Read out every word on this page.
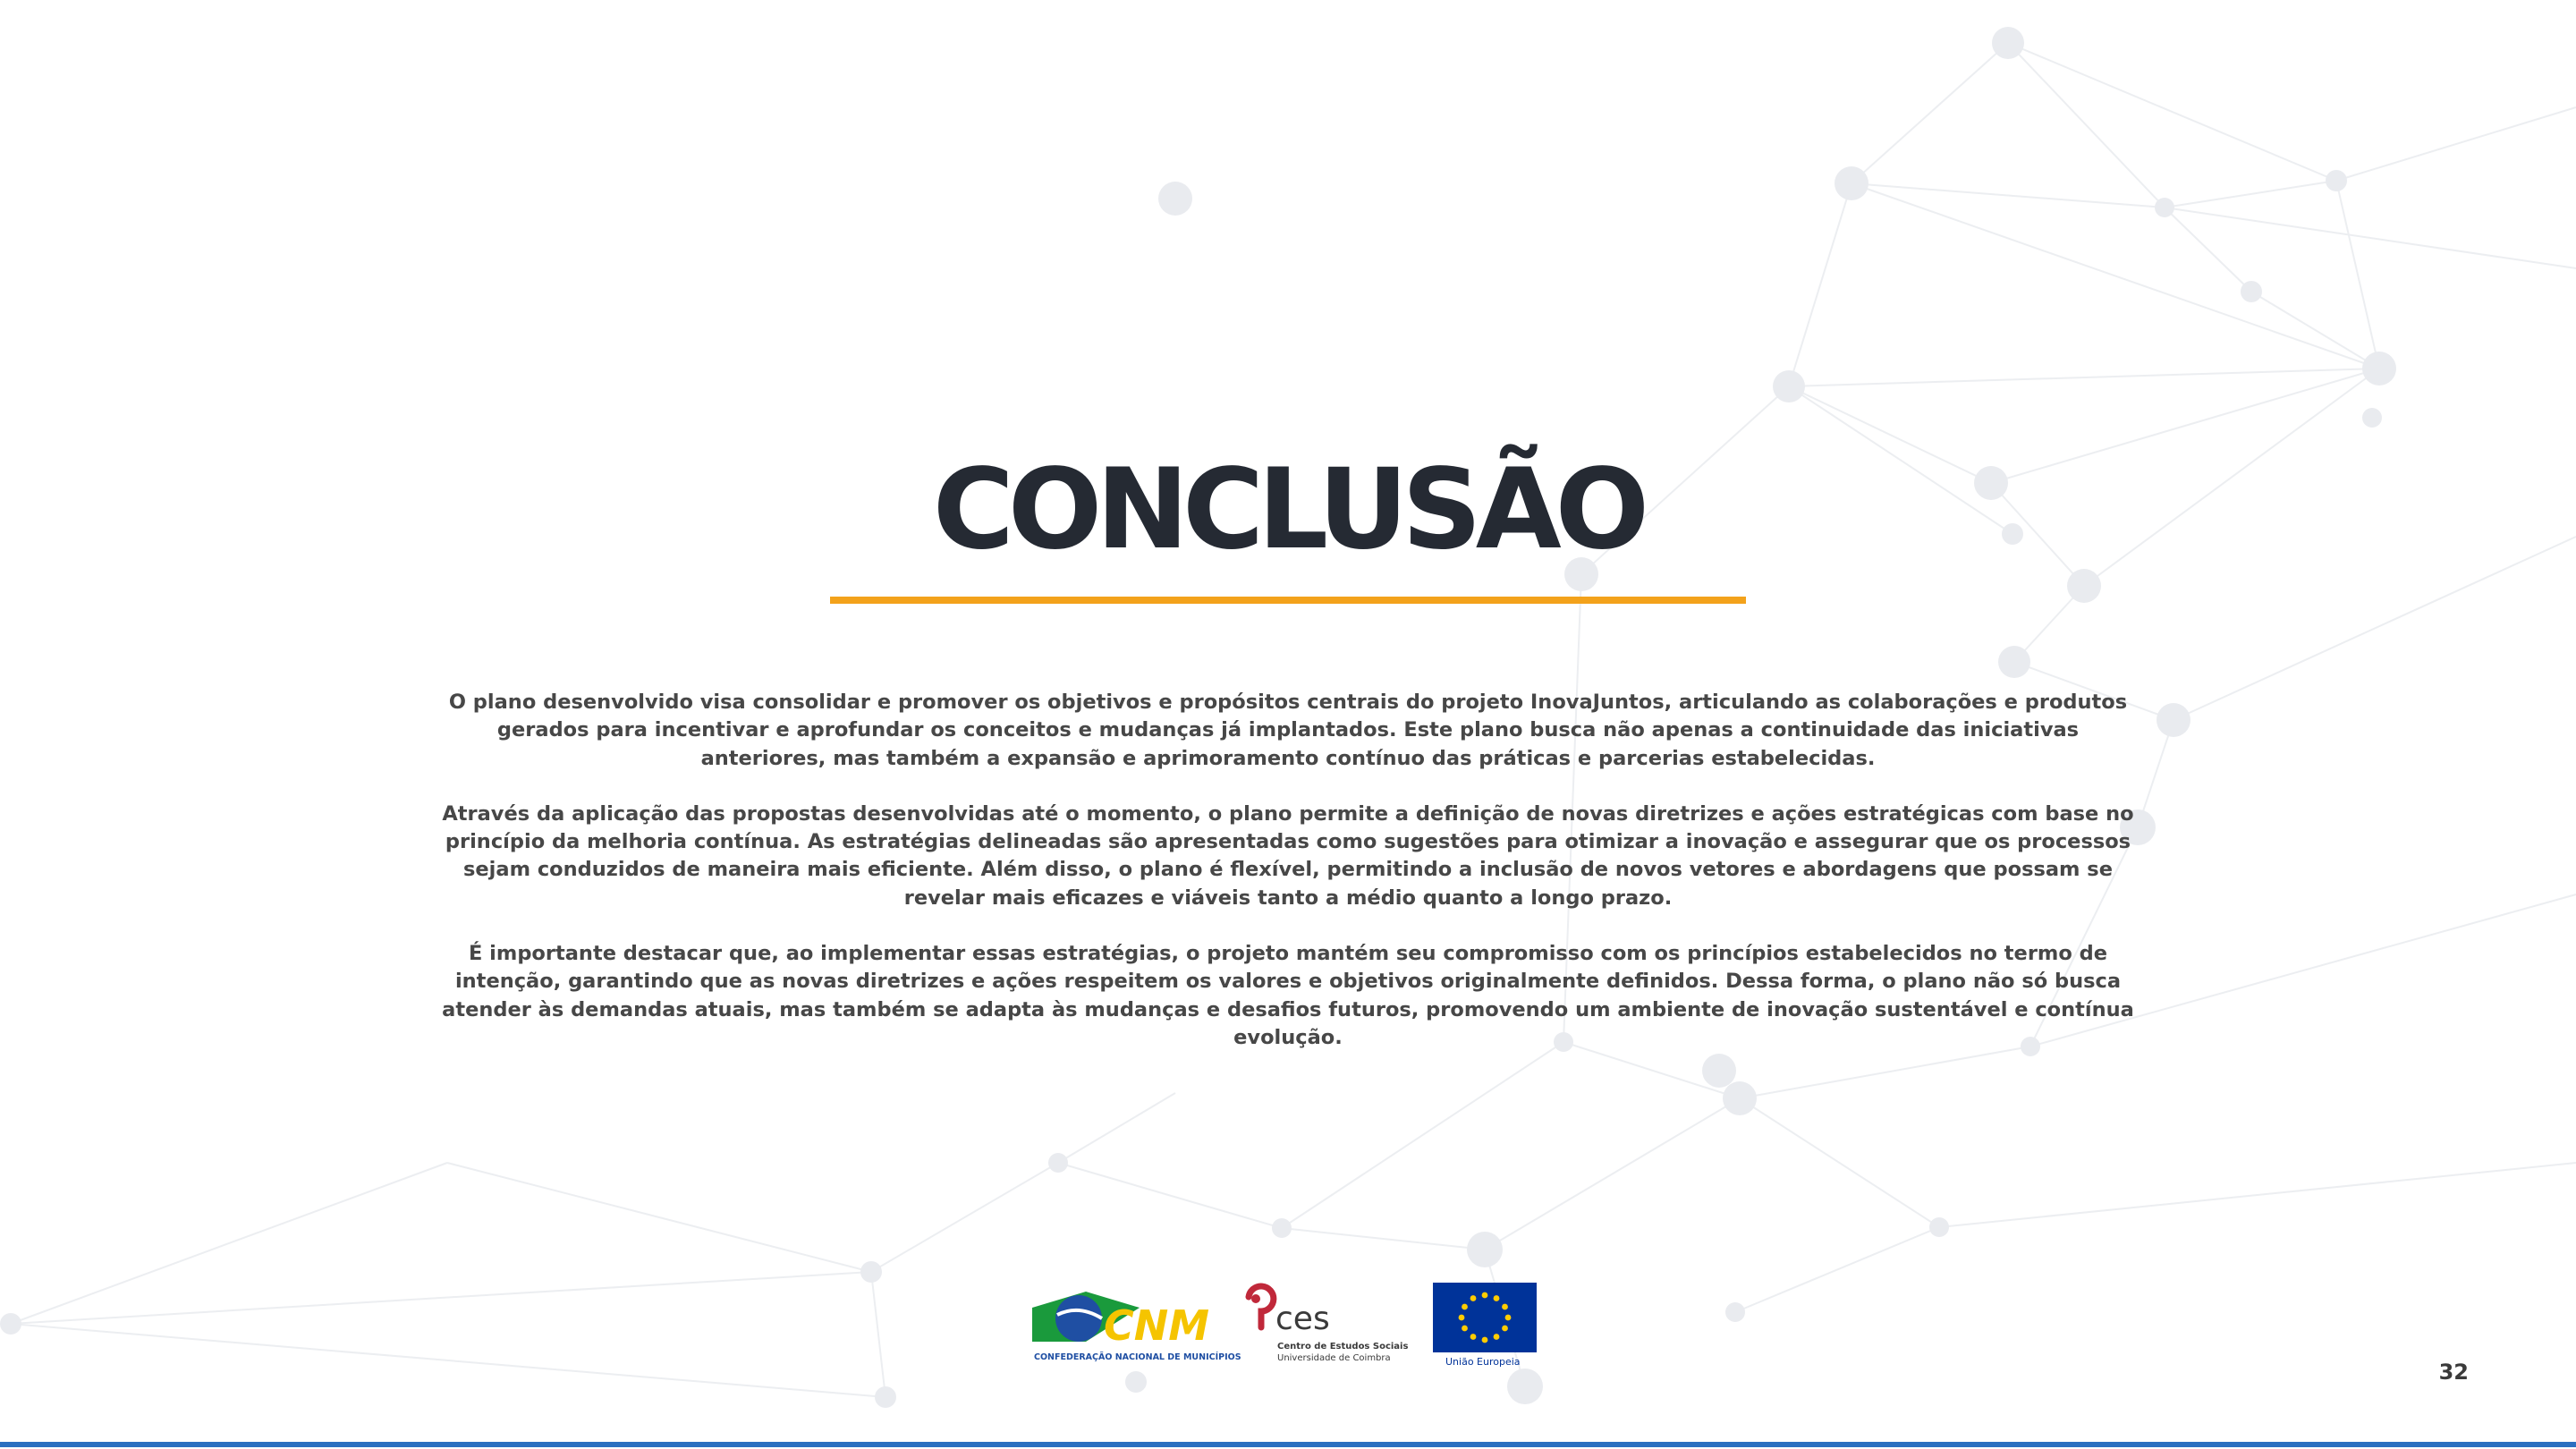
CONCLUSÃO

O plano desenvolvido visa consolidar e promover os objetivos e propósitos centrais do projeto InovaJuntos, articulando as colaborações e produtos
gerados para incentivar e aprofundar os conceitos e mudanças já implantados. Este plano busca não apenas a continuidade das iniciativas
anteriores, mas também a expansão e aprimoramento contínuo das práticas e parcerias estabelecidas.

Através da aplicação das propostas desenvolvidas até o momento, o plano permite a definição de novas diretrizes e ações estratégicas com base no
princípio da melhoria contínua. As estratégias delineadas são apresentadas como sugestões para otimizar a inovação e assegurar que os processos
sejam conduzidos de maneira mais eficiente. Além disso, o plano é flexível, permitindo a inclusão de novos vetores e abordagens que possam se
revelar mais eficazes e viáveis tanto a médio quanto a longo prazo.

É importante destacar que, ao implementar essas estratégias, o projeto mantém seu compromisso com os princípios estabelecidos no termo de
intenção, garantindo que as novas diretrizes e ações respeitem os valores e objetivos originalmente definidos. Dessa forma, o plano não só busca
atender às demandas atuais, mas também se adapta às mudanças e desafios futuros, promovendo um ambiente de inovação sustentável e contínua
evolução.

CNM
CONFEDERAÇÃO NACIONAL DE MUNICÍPIOS
ces
Centro de Estudos Sociais
Universidade de Coimbra	União Europeia	32
